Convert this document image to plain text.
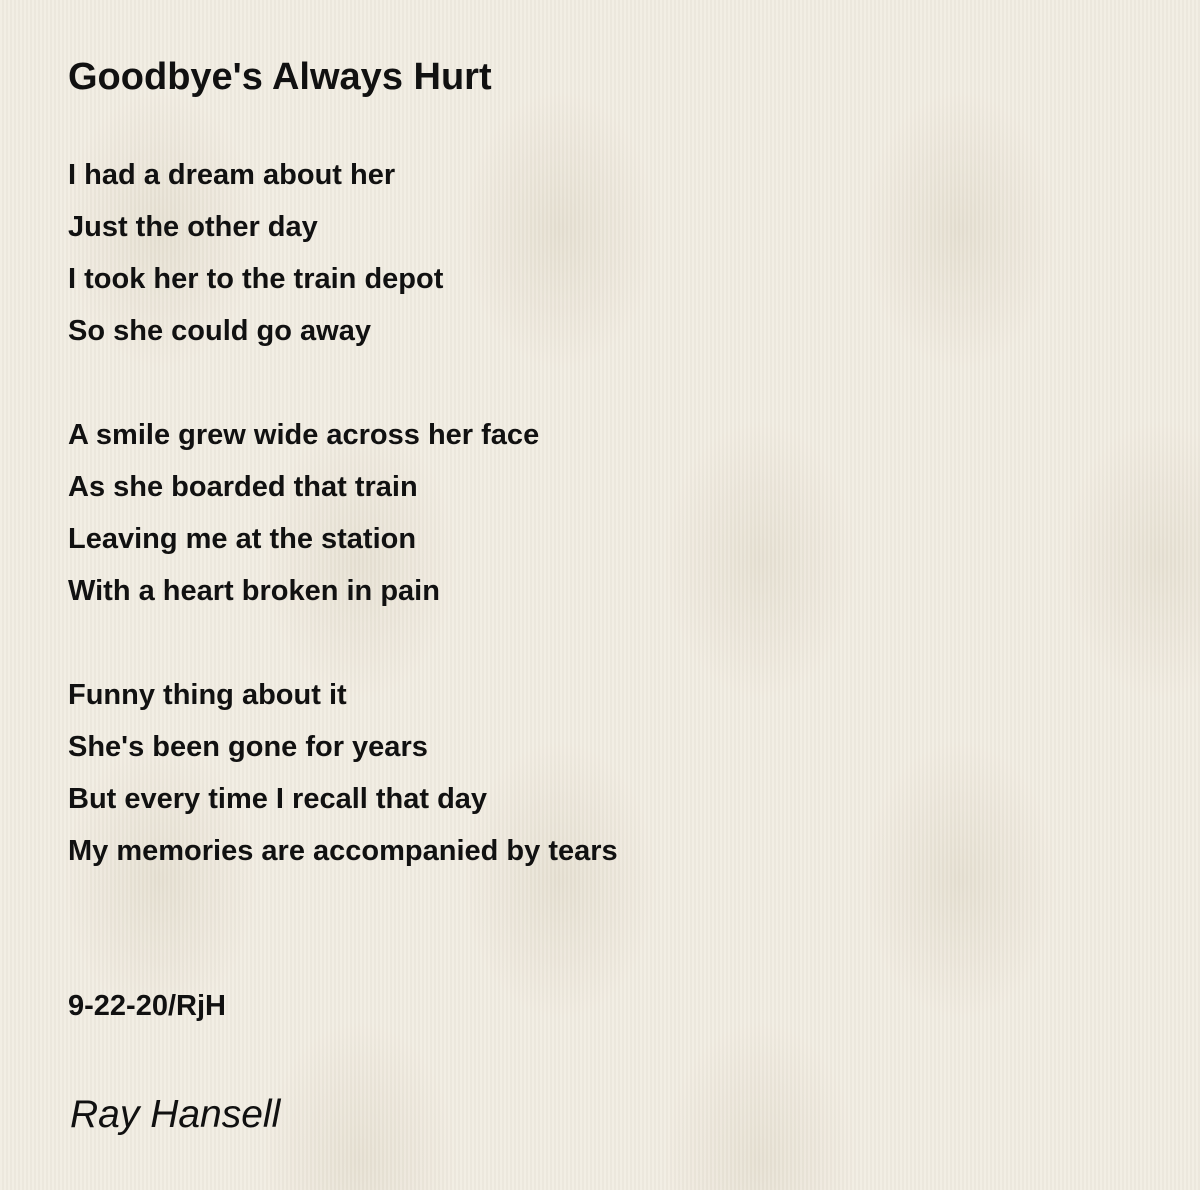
Goodbye's Always Hurt
I had a dream about her
Just the other day
I took her to the train depot
So she could go away
A smile grew wide across her face
As she boarded that train
Leaving me at the station
With a heart broken in pain
Funny thing about it
She's been gone for years
But every time I recall that day
My memories are accompanied by tears
9-22-20/RjH
Ray Hansell
